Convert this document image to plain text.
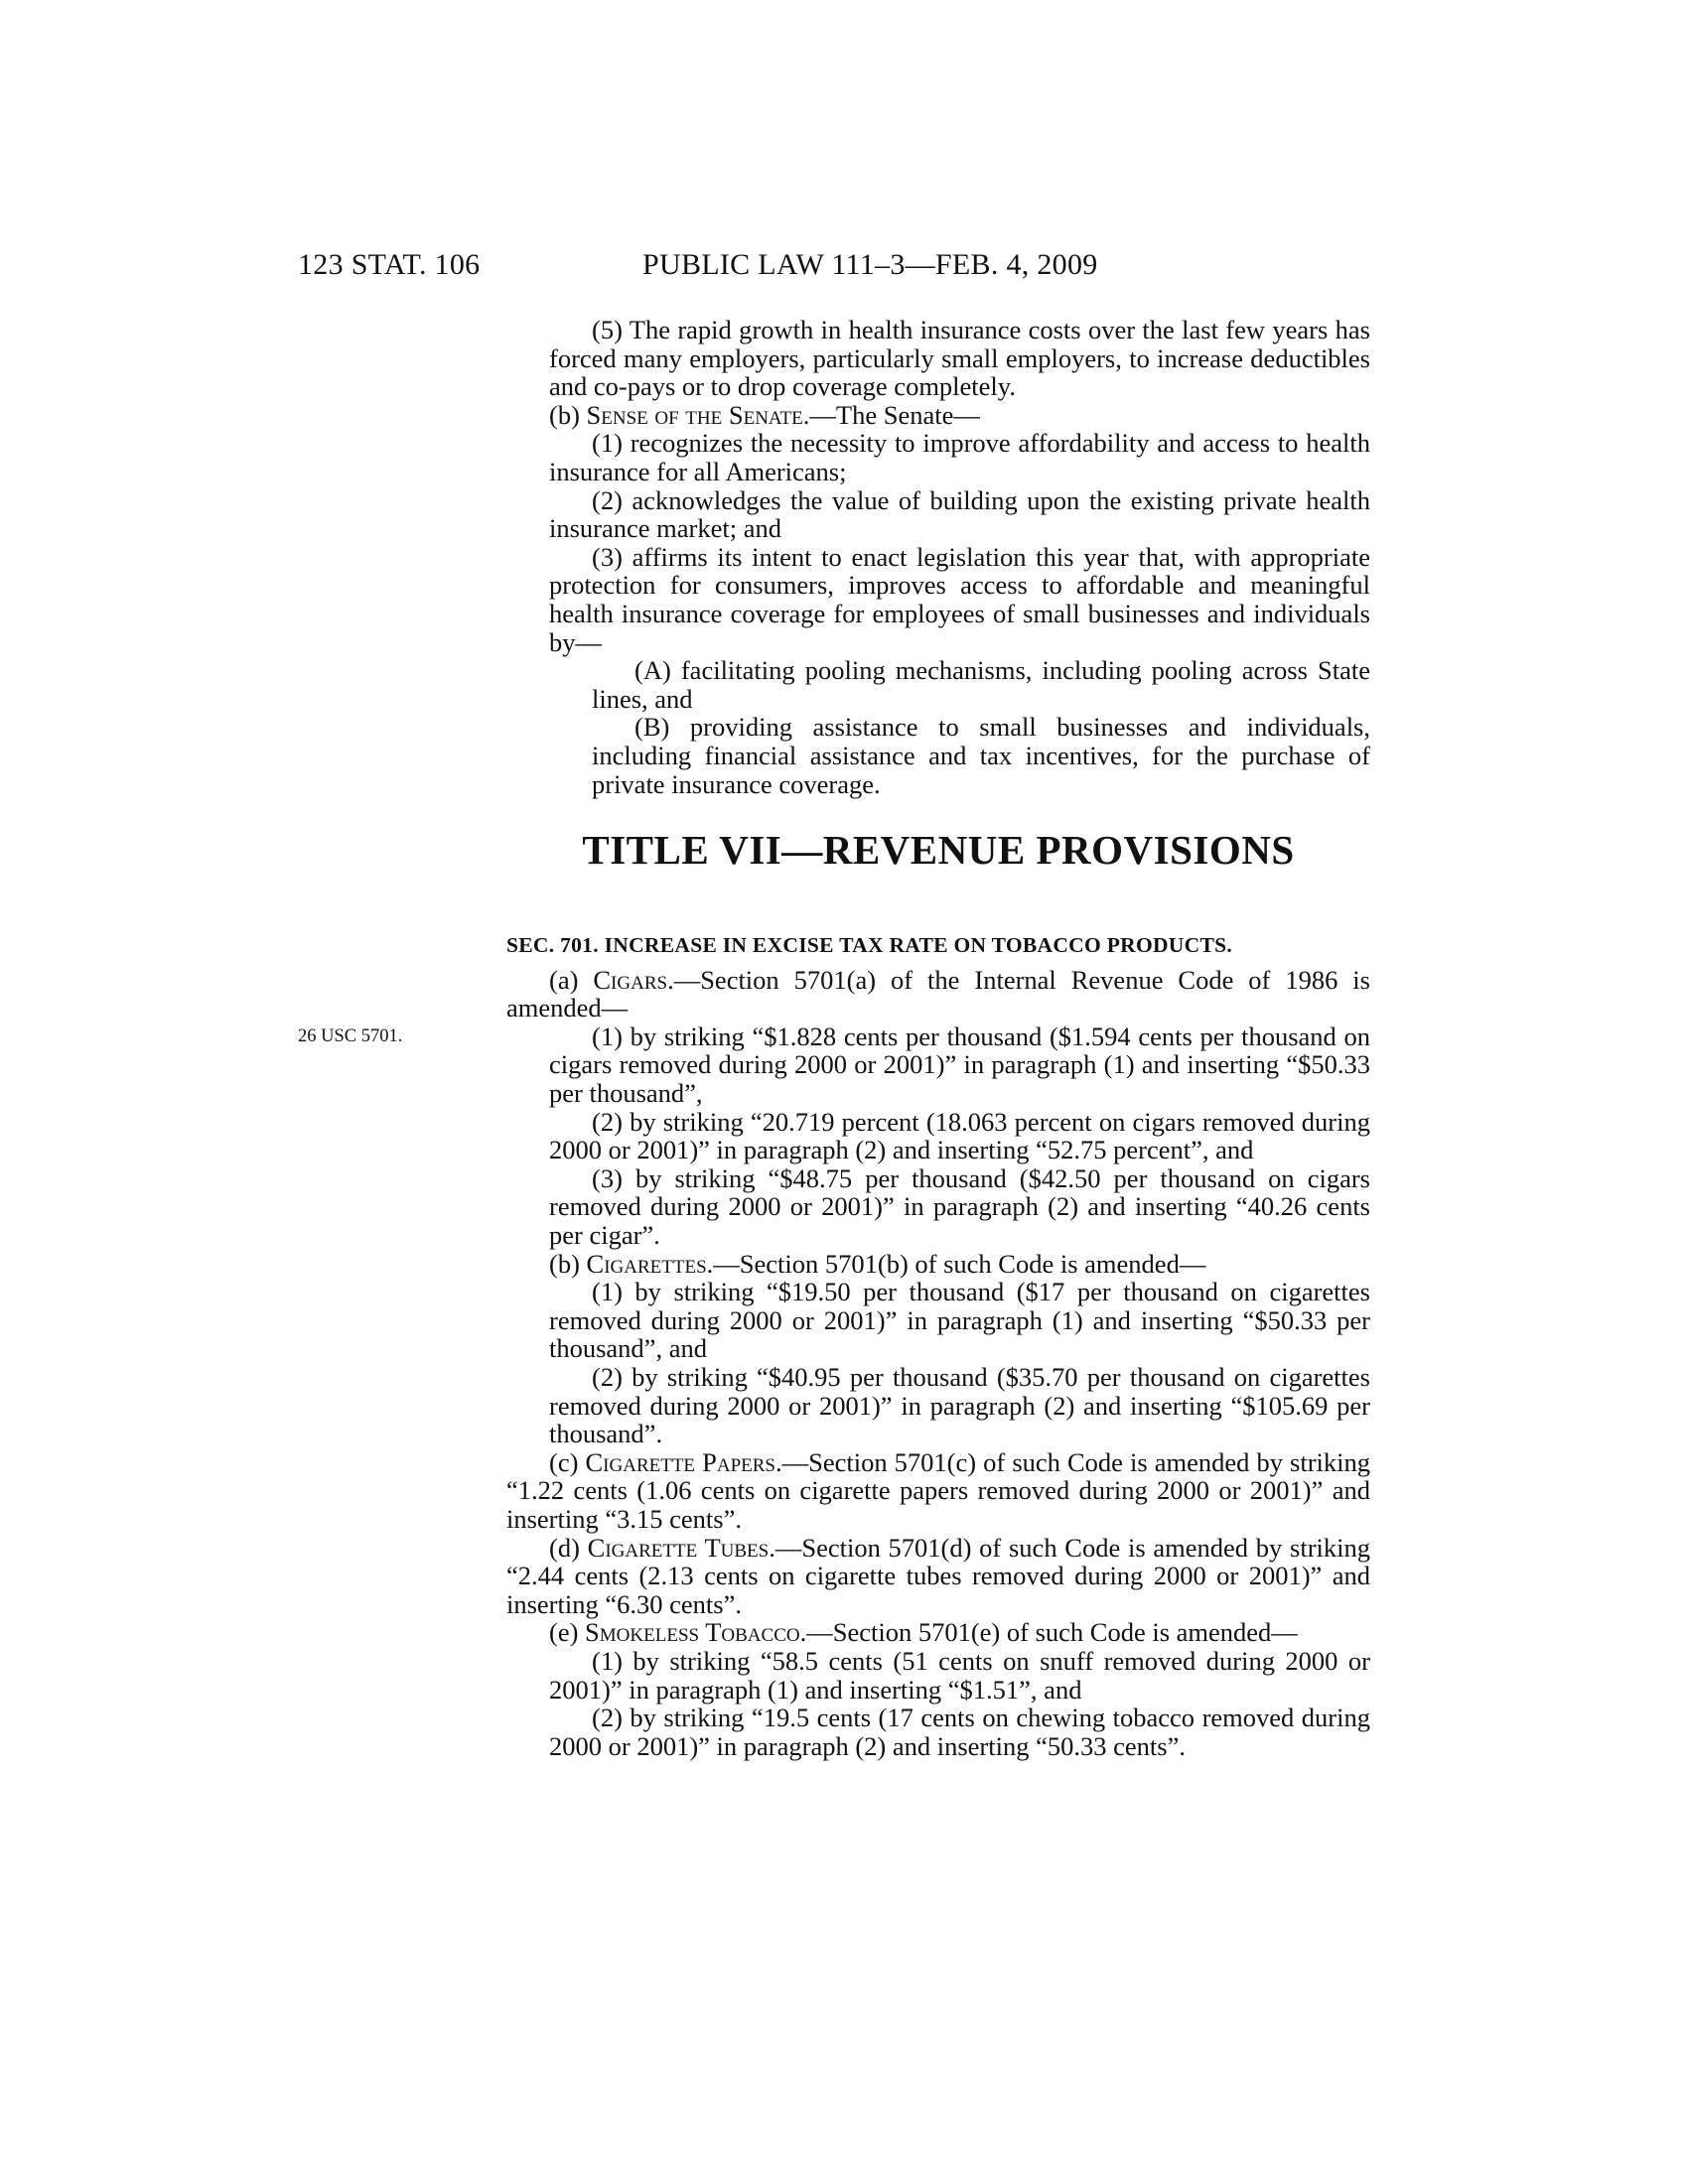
123 STAT. 106	PUBLIC LAW 111–3—FEB. 4, 2009
26 USC 5701.

(5) The rapid growth in health insurance costs over the last few years has forced many employers, particularly small employers, to increase deductibles and co-pays or to drop coverage completely.

(b) Sense of the Senate.—The Senate—

(1) recognizes the necessity to improve affordability and access to health insurance for all Americans;

(2) acknowledges the value of building upon the existing private health insurance market; and

(3) affirms its intent to enact legislation this year that, with appropriate protection for consumers, improves access to affordable and meaningful health insurance coverage for employees of small businesses and individuals by—

(A) facilitating pooling mechanisms, including pooling across State lines, and

(B) providing assistance to small businesses and individuals, including financial assistance and tax incentives, for the purchase of private insurance coverage.

TITLE VII—REVENUE PROVISIONS

SEC. 701. INCREASE IN EXCISE TAX RATE ON TOBACCO PRODUCTS.

(a) Cigars.—Section 5701(a) of the Internal Revenue Code of 1986 is amended—

(1) by striking “$1.828 cents per thousand ($1.594 cents per thousand on cigars removed during 2000 or 2001)” in paragraph (1) and inserting “$50.33 per thousand”,

(2) by striking “20.719 percent (18.063 percent on cigars removed during 2000 or 2001)” in paragraph (2) and inserting “52.75 percent”, and

(3) by striking “$48.75 per thousand ($42.50 per thousand on cigars removed during 2000 or 2001)” in paragraph (2) and inserting “40.26 cents per cigar”.

(b) Cigarettes.—Section 5701(b) of such Code is amended—

(1) by striking “$19.50 per thousand ($17 per thousand on cigarettes removed during 2000 or 2001)” in paragraph (1) and inserting “$50.33 per thousand”, and

(2) by striking “$40.95 per thousand ($35.70 per thousand on cigarettes removed during 2000 or 2001)” in paragraph (2) and inserting “$105.69 per thousand”.

(c) Cigarette Papers.—Section 5701(c) of such Code is amended by striking “1.22 cents (1.06 cents on cigarette papers removed during 2000 or 2001)” and inserting “3.15 cents”.

(d) Cigarette Tubes.—Section 5701(d) of such Code is amended by striking “2.44 cents (2.13 cents on cigarette tubes removed during 2000 or 2001)” and inserting “6.30 cents”.

(e) Smokeless Tobacco.—Section 5701(e) of such Code is amended—

(1) by striking “58.5 cents (51 cents on snuff removed during 2000 or 2001)” in paragraph (1) and inserting “$1.51”, and

(2) by striking “19.5 cents (17 cents on chewing tobacco removed during 2000 or 2001)” in paragraph (2) and inserting “50.33 cents”.
